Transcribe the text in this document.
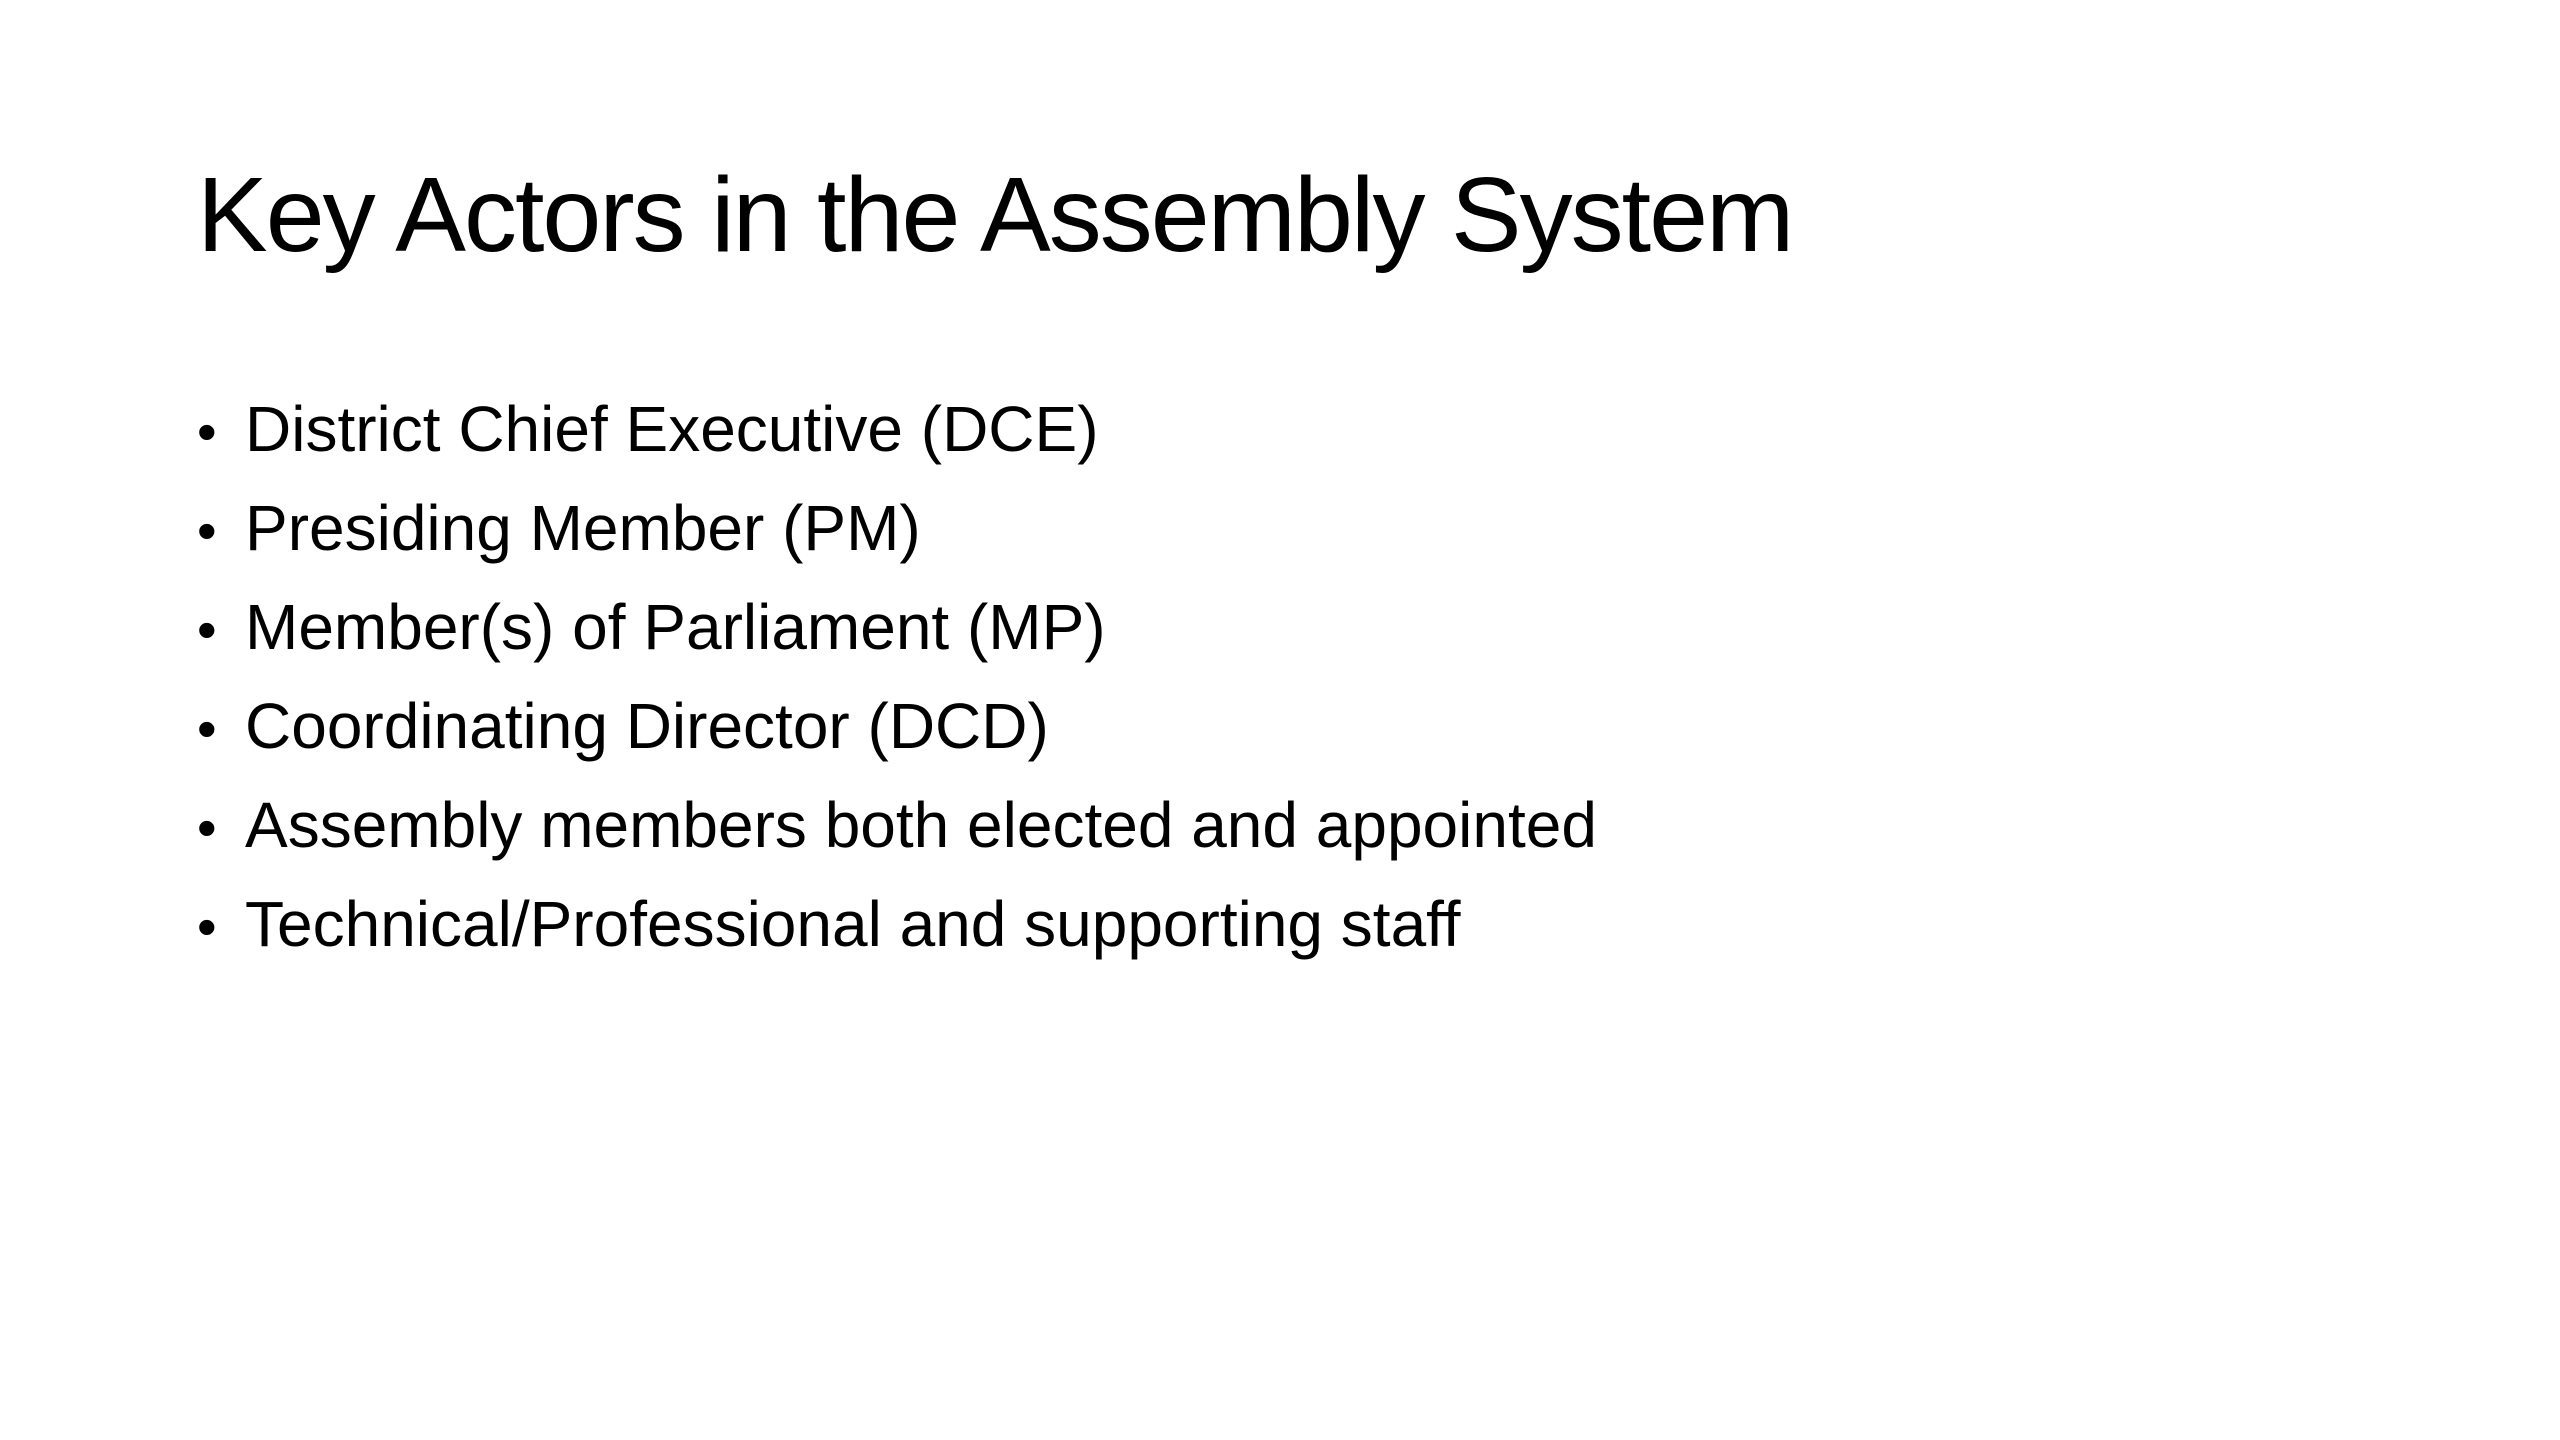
Key Actors in the Assembly System
• District Chief Executive (DCE)
• Presiding Member (PM)
• Member(s) of Parliament (MP)
• Coordinating Director (DCD)
• Assembly members both elected and appointed
• Technical/Professional and supporting staff
